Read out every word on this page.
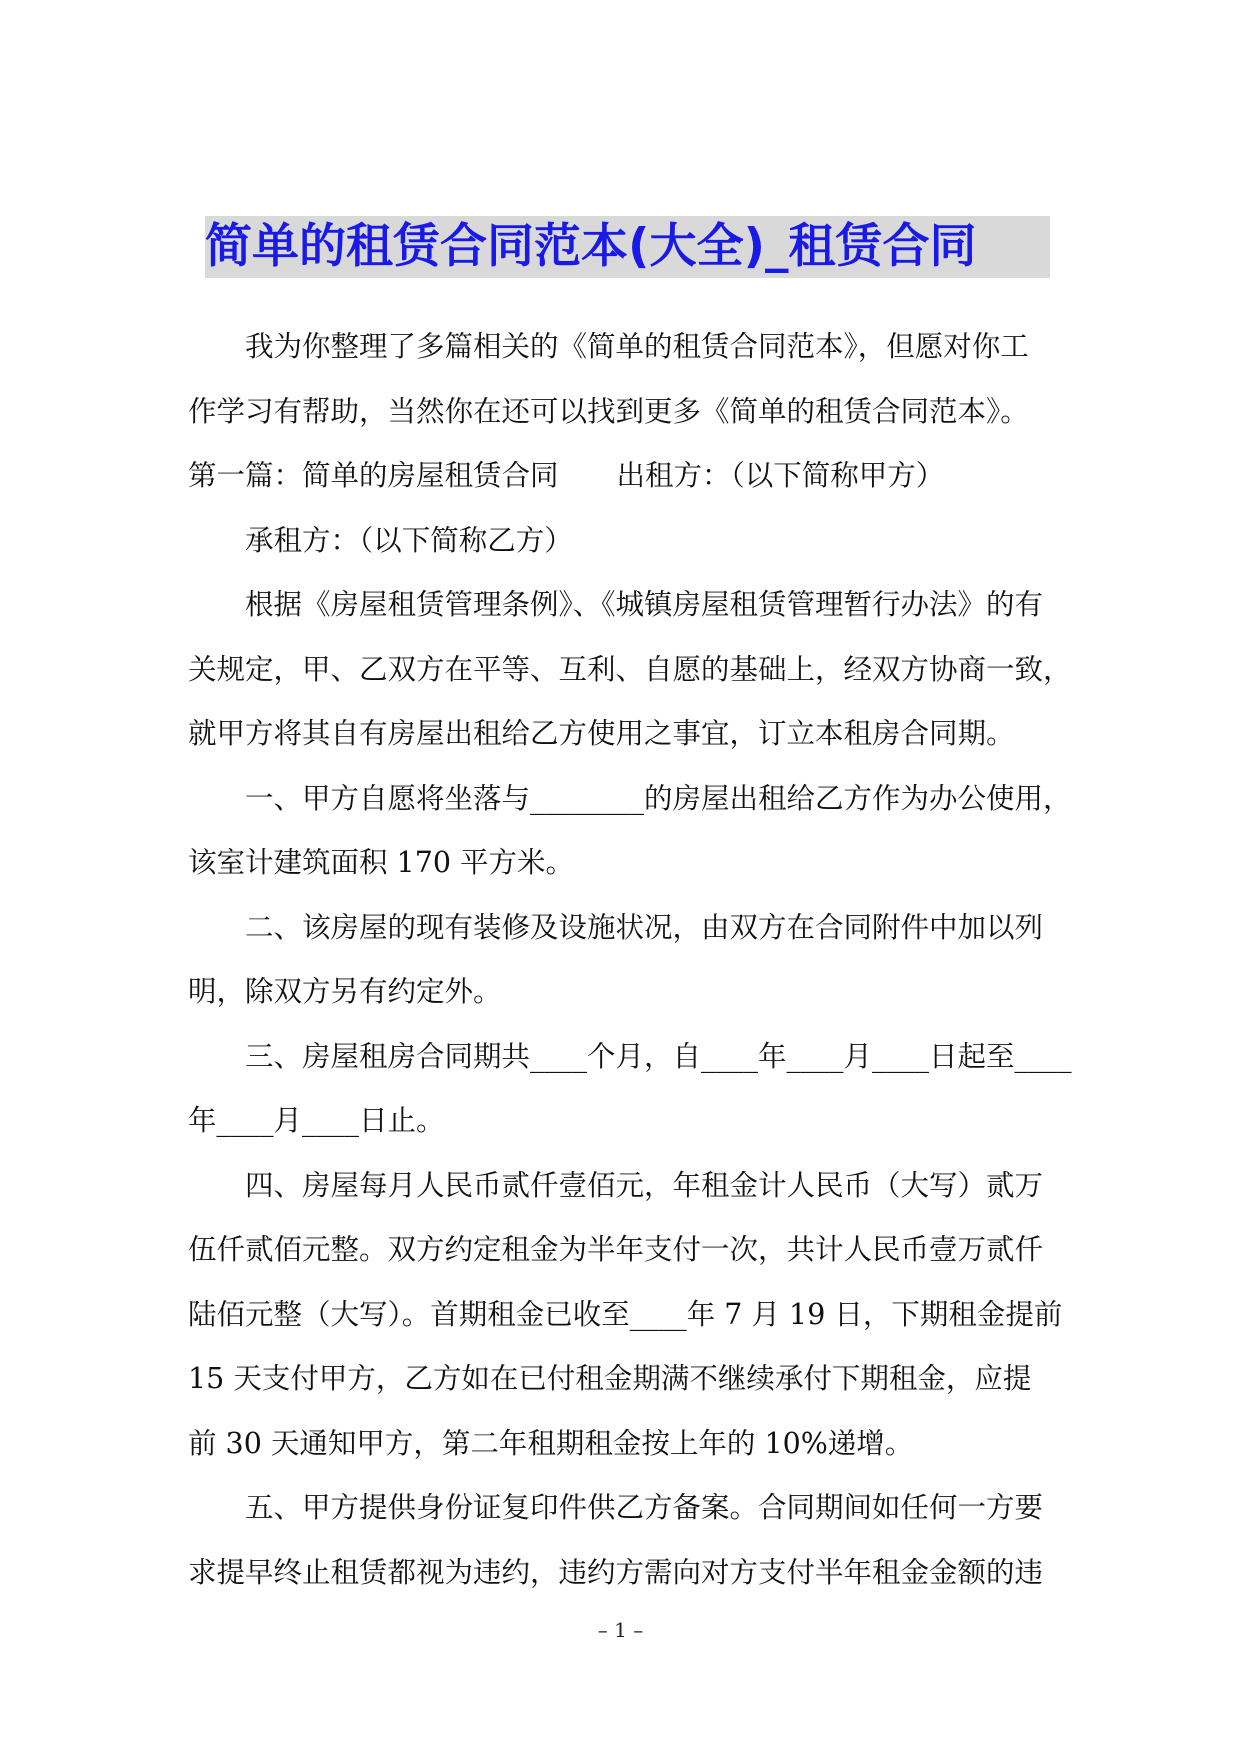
简单的租赁合同范本(大全)_租赁合同
我为你整理了多篇相关的《简单的租赁合同范本》，但愿对你工
作学习有帮助，当然你在还可以找到更多《简单的租赁合同范本》。
第一篇：简单的房屋租赁合同 出租方：（以下简称甲方）
承租方：（以下简称乙方）
根据《房屋租赁管理条例》、《城镇房屋租赁管理暂行办法》的有
关规定，甲、乙双方在平等、互利、自愿的基础上，经双方协商一致，
就甲方将其自有房屋出租给乙方使用之事宜，订立本租房合同期。
一、甲方自愿将坐落与________的房屋出租给乙方作为办公使用，
该室计建筑面积 170 平方米。
二、该房屋的现有装修及设施状况，由双方在合同附件中加以列
明，除双方另有约定外。
三、房屋租房合同期共____个月，自____年____月____日起至____
年____月____日止。
四、房屋每月人民币贰仟壹佰元，年租金计人民币（大写）贰万
伍仟贰佰元整。双方约定租金为半年支付一次，共计人民币壹万贰仟
陆佰元整（大写）。首期租金已收至____年 7 月 19 日，下期租金提前
15 天支付甲方，乙方如在已付租金期满不继续承付下期租金，应提
前 30 天通知甲方，第二年租期租金按上年的 10%递增。
五、甲方提供身份证复印件供乙方备案。合同期间如任何一方要
求提早终止租赁都视为违约，违约方需向对方支付半年租金金额的违
– 1 –
